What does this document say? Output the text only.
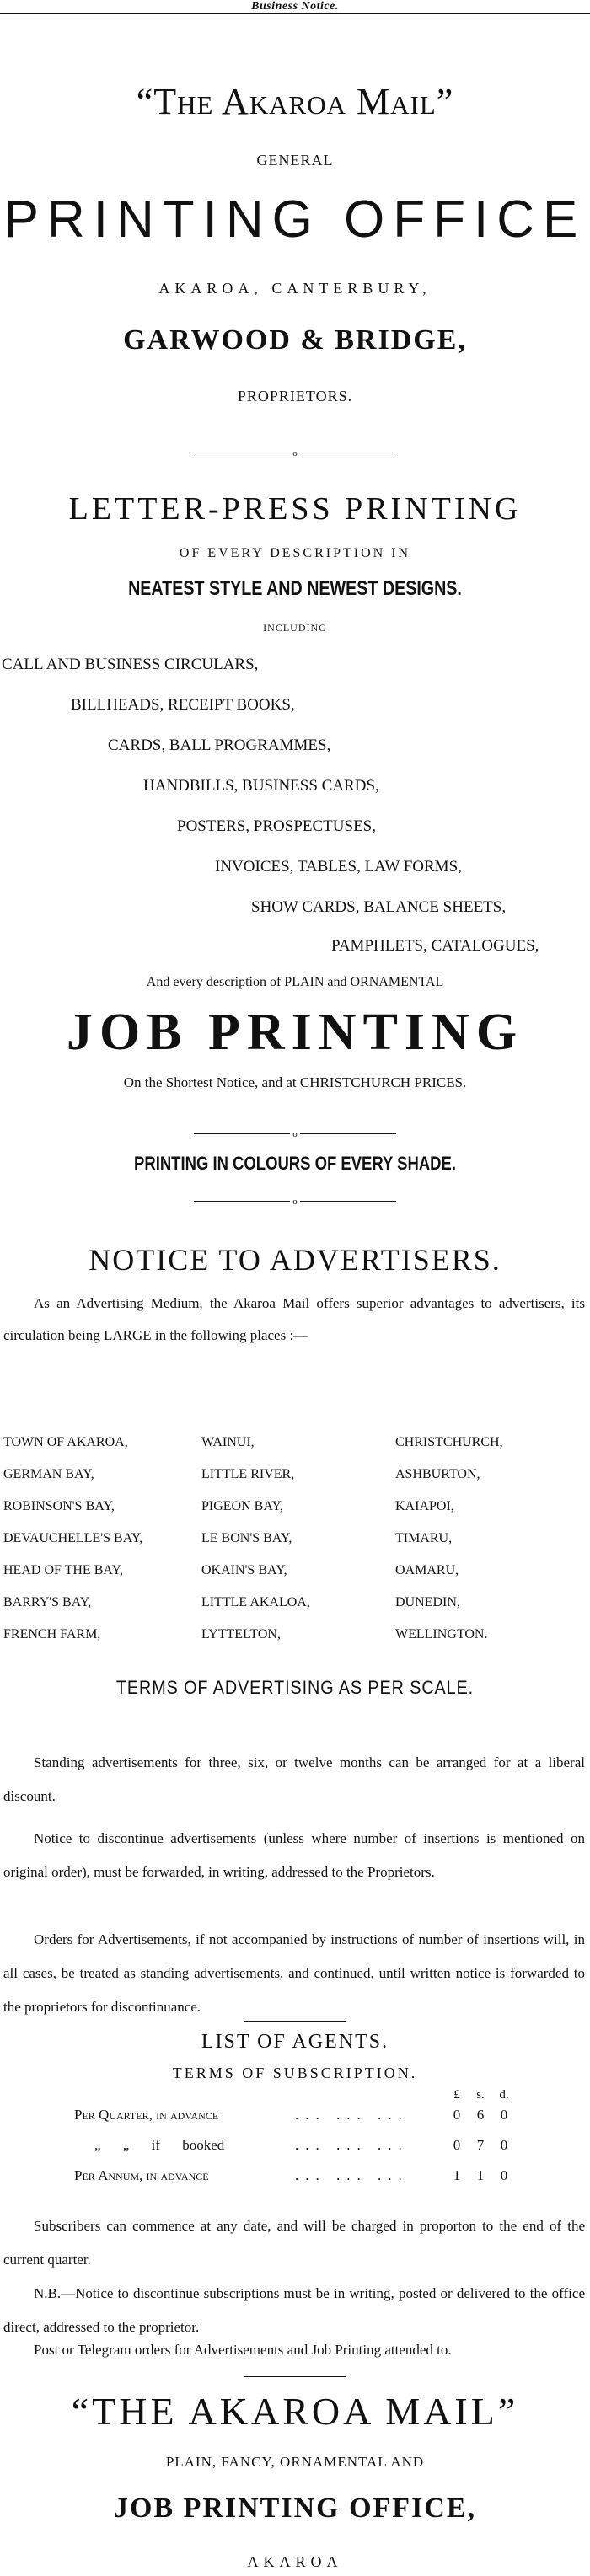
Business Notice.
“The Akaroa Mail”
GENERAL
PRINTING OFFICE
AKAROA, CANTERBURY,
GARWOOD & BRIDGE,
PROPRIETORS.
o
LETTER-PRESS PRINTING
OF EVERY DESCRIPTION IN
NEATEST STYLE AND NEWEST DESIGNS.
INCLUDING
CALL AND BUSINESS CIRCULARS,
BILLHEADS, RECEIPT BOOKS,
CARDS, BALL PROGRAMMES,
HANDBILLS, BUSINESS CARDS,
POSTERS, PROSPECTUSES,
INVOICES, TABLES, LAW FORMS,
SHOW CARDS, BALANCE SHEETS,
PAMPHLETS, CATALOGUES,
And every description of PLAIN and ORNAMENTAL
JOB PRINTING
On the Shortest Notice, and at CHRISTCHURCH PRICES.
o
PRINTING IN COLOURS OF EVERY SHADE.
o
NOTICE TO ADVERTISERS.
As an Advertising Medium, the Akaroa Mail offers superior advantages to advertisers, its circulation being LARGE in the following places :—
TOWN OF AKAROA,	WAINUI,	CHRISTCHURCH,
GERMAN BAY,	LITTLE RIVER,	ASHBURTON,
ROBINSON'S BAY,	PIGEON BAY,	KAIAPOI,
DEVAUCHELLE'S BAY,	LE BON'S BAY,	TIMARU,
HEAD OF THE BAY,	OKAIN'S BAY,	OAMARU,
BARRY'S BAY,	LITTLE AKALOA,	DUNEDIN,
FRENCH FARM,	LYTTELTON,	WELLINGTON.
TERMS OF ADVERTISING AS PER SCALE.
Standing advertisements for three, six, or twelve months can be arranged for at a liberal discount.
Notice to discontinue advertisements (unless where number of insertions is mentioned on original order), must be forwarded, in writing, addressed to the Proprietors.
Orders for Advertisements, if not accompanied by instructions of number of insertions will, in all cases, be treated as standing advertisements, and continued, until written notice is forwarded to the proprietors for discontinuance.
LIST OF AGENTS.
TERMS OF SUBSCRIPTION.
£	s.	d.
Per Quarter, in advance	... ... ...	0	6	0
„ „ if booked	... ... ...	0	7	0
Per Annum, in advance	... ... ...	1	1	0
Subscribers can commence at any date, and will be charged in proporton to the end of the current quarter.
N.B.—Notice to discontinue subscriptions must be in writing, posted or delivered to the office direct, addressed to the proprietor.
Post or Telegram orders for Advertisements and Job Printing attended to.
“THE AKAROA MAIL”
PLAIN, FANCY, ORNAMENTAL AND
JOB PRINTING OFFICE,
AKAROA
